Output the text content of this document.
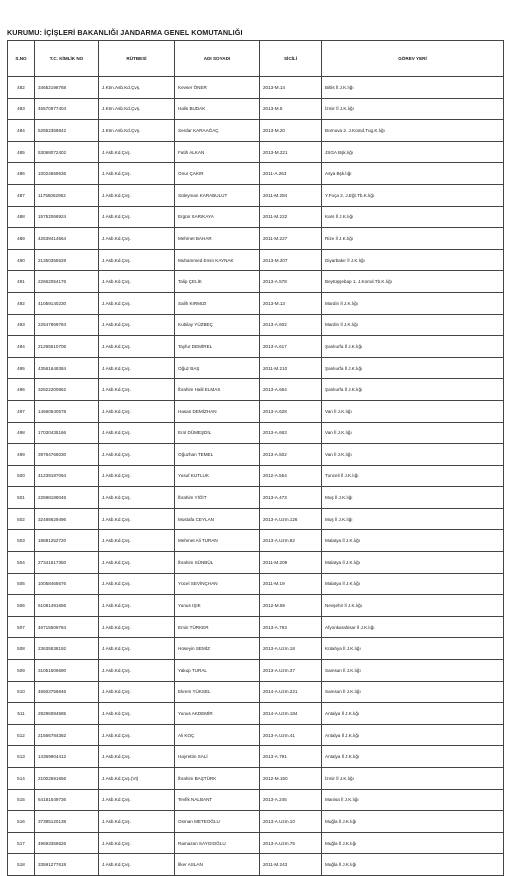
KURUMU: İÇİŞLERİ BAKANLIĞI JANDARMA GENEL KOMUTANLIĞI
S.NO	T.C. KİMLİK NO	RÜTBESİ	ADI SOYADI	SİCİLİ	GÖREV YERİ
482	34652198768	J.Ktm.Asb.Kd.Çvş.	Kevser ÖNER	2013-M.14	Bitlis İl J.K.lığı
483	46570977404	J.Ktm.Asb.Kd.Çvş.	Halis BUDAK	2013-M.5	İzmir İl J.K.lığı
484	52652369842	J.Ktm.Asb.Kd.Çvş.	Serdar KARAAĞAÇ	2013-M.20	Bornova 2. J.Komd.Tug.K.lığı
485	53068072402	J.Asb.Kd.Çvş.	Fatih ALKAN	2013-M.221	JSGA Bşk.lığı
486	10024659536	J.Asb.Kd.Çvş.	Onur ÇAKIR	2011-A.263	Asya Bşk.lığı
487	11755062952	J.Asb.Kd.Çvş.	Süleyman KARABULUT	2011-M.284	Y.Foça 2. J.Eğt.Tb.K.lığı
488	15752066924	J.Asb.Kd.Çvş.	Ergün SARIKAYA	2011-M.222	Kars İl J.K.lığı
489	42639414564	J.Asb.Kd.Çvş.	Mehmet BAHAR	2011-M.227	Rize İl J.K.lığı
490	21350355528	J.Asb.Kd.Çvş.	Muhammed Emin KAYNAK	2013-M.207	Diyarbakır İl J.K.lığı
491	22662054176	J.Asb.Kd.Çvş.	Talip ÇELİK	2013-A.578	Beytüşşebap 1. J.Komd.Tb.K.lığı
492	41059140230	J.Asb.Kd.Çvş.	Salih KIRMIZI	2013-M.13	Mardin İl J.K.lığı
493	22547669784	J.Asb.Kd.Çvş.	Kubilay YÜZBEÇ	2013-A.602	Mardin İl J.K.lığı
494	21295510706	J.Asb.Kd.Çvş.	Tayfur DEMİREL	2013-A.617	Şanlıurfa İl J.K.lığı
495	43561649384	J.Asb.Kd.Çvş.	Oğuz BAŞ	2011-M.210	Şanlıurfa İl J.K.lığı
496	32822200862	J.Asb.Kd.Çvş.	İbrahim Halil ELMAS	2013-A.664	Şanlıurfa İl J.K.lığı
497	14660540578	J.Asb.Kd.Çvş.	Hasan DEMİZHAN	2013-A.628	Van İl J.K.lığı
498	17030435166	J.Asb.Kd.Çvş.	Erol DÜMEŞDİL	2013-A.663	Van İl J.K.lığı
499	39764766030	J.Asb.Kd.Çvş.	Oğuzhan TEMEL	2013-A.502	Van İl J.K.lığı
500	41239187094	J.Asb.Kd.Çvş.	Yusuf KUTLUK	2012-A.554	Tunceli İl J.K.lığı
501	22698188046	J.Asb.Kd.Çvş.	İbrahim YİĞİT	2013-A.473	Muş İl J.K.lığı
502	32488629496	J.Asb.Kd.Çvş.	Mustafa CEYLAN	2013-A.Uzm.126	Muş İl J.K.lığı
503	18881252720	J.Asb.Kd.Çvş.	Mehmet Ali TURAN	2013-A.Uzm.82	Malatya İl J.K.lığı
504	27341617350	J.Asb.Kd.Çvş.	İbrahim SÜNBÜL	2011-M.209	Malatya İl J.K.lığı
505	10058465676	J.Asb.Kd.Çvş.	Yücel SEVİNÇHAN	2011-M.19	Malatya İl J.K.lığı
506	61081491656	J.Asb.Kd.Çvş.	Yunus IŞIK	2012-M.59	Nevşehir İl J.K.lığı
507	46715509784	J.Asb.Kd.Çvş.	Emin TÜRKER	2013-A.793	Afyonkarahisar İl J.K.lığı
508	23635538192	J.Asb.Kd.Çvş.	Hüseyin SEMİZ	2013-A.Uzm.18	Kütahya İl J.K.lığı
509	31051506690	J.Asb.Kd.Çvş.	Yakup TURAL	2013-A.Uzm.37	Samsun İl J.K.lığı
510	46603756846	J.Asb.Kd.Çvş.	Ekrem YÜKSEL	2014-A.Uzm.221	Samsun İl J.K.lığı
511	28296084585	J.Asb.Kd.Çvş.	Yunus AKDEMİR	2014-A.Uzm.184	Antalya İl J.K.lığı
512	21566784382	J.Asb.Kd.Çvş.	Ali KOÇ	2013-A.Uzm.41	Antalya İl J.K.lığı
513	14369904412	J.Asb.Kd.Çvş.	Hayrettin SALİ	2013-A.791	Antalya İl J.K.lığı
514	21002591656	J.Asb.Kd.Çvş.(Vt)	İbrahim BAŞTÜRK	2012-M.150	İzmir İl J.K.lığı
515	64181549736	J.Asb.Kd.Çvş.	Tevfik NALBANT	2013-A.245	Manisa İl J.K.lığı
516	37395120138	J.Asb.Kd.Çvş.	Osman METEOĞLU	2013-A.Uzm.10	Muğla İl J.K.lığı
517	49693356526	J.Asb.Kd.Çvş.	Ramazan SAYGIOĞLU	2013-A.Uzm.75	Muğla İl J.K.lığı
518	33591277618	J.Asb.Kd.Çvş.	İlker ASLAN	2011-M.243	Muğla İl J.K.lığı
